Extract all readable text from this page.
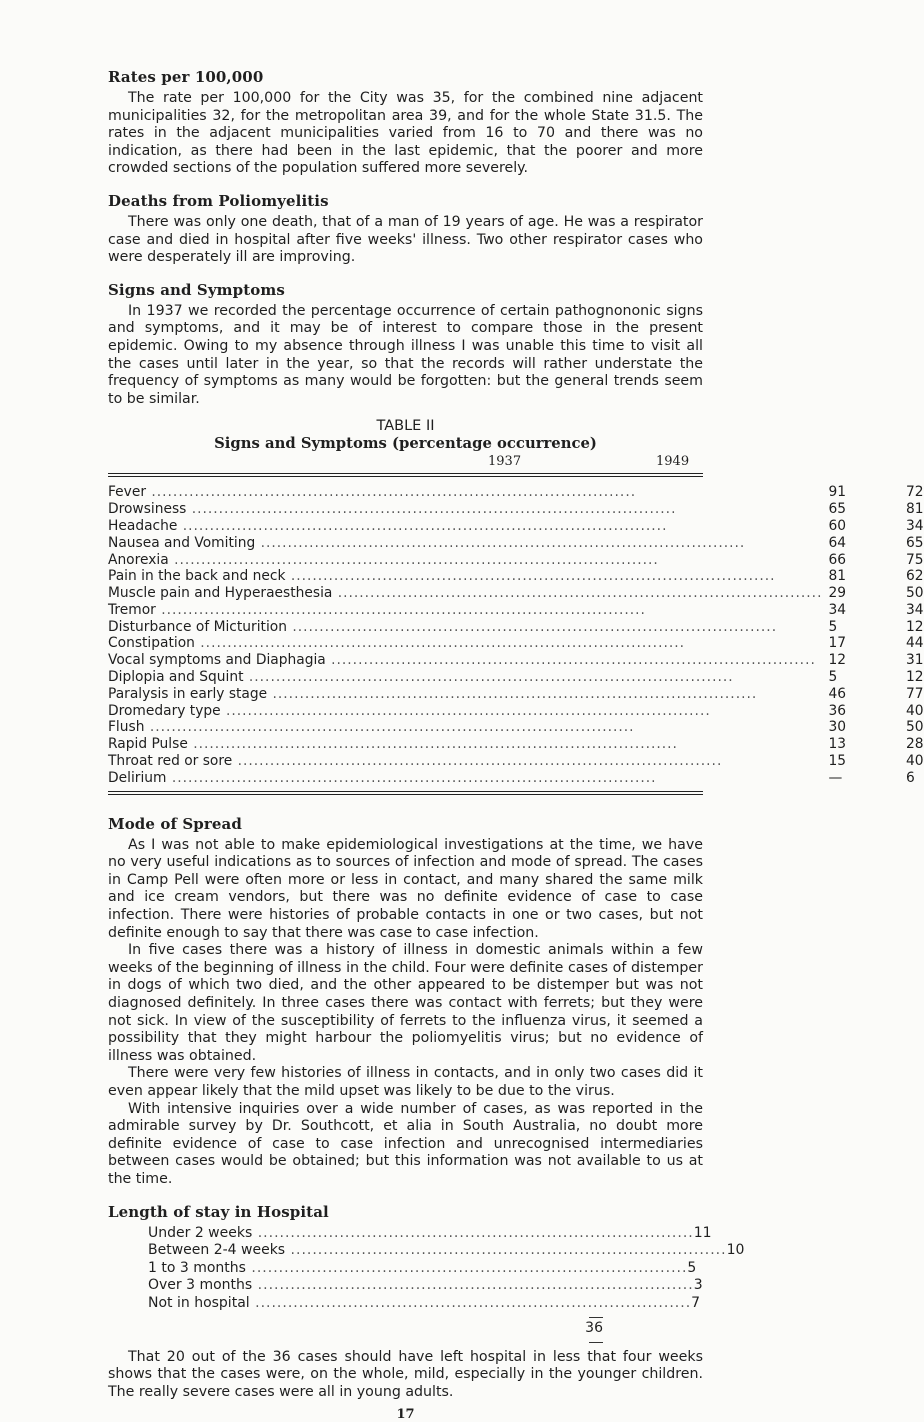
Rates per 100,000

The rate per 100,000 for the City was 35, for the combined nine adjacent municipalities 32, for the metropolitan area 39, and for the whole State 31.5. The rates in the adjacent municipalities varied from 16 to 70 and there was no indication, as there had been in the last epidemic, that the poorer and more crowded sections of the population suffered more severely.

Deaths from Poliomyelitis

There was only one death, that of a man of 19 years of age. He was a respirator case and died in hospital after five weeks' illness. Two other respirator cases who were desperately ill are improving.

Signs and Symptoms

In 1937 we recorded the percentage occurrence of certain pathognononic signs and symptoms, and it may be of interest to compare those in the present epidemic. Owing to my absence through illness I was unable this time to visit all the cases until later in the year, so that the records will rather understate the frequency of symptoms as many would be forgotten: but the general trends seem to be similar.

TABLE II
Signs and Symptoms (percentage occurrence)
1937	1949
Fever ..........................................................................................	91	72
Drowsiness ..........................................................................................	65	81
Headache ..........................................................................................	60	34
Nausea and Vomiting ..........................................................................................	64	65
Anorexia ..........................................................................................	66	75
Pain in the back and neck ..........................................................................................	81	62
Muscle pain and Hyperaesthesia ..........................................................................................	29	50
Tremor ..........................................................................................	34	34
Disturbance of Micturition ..........................................................................................	5	12
Constipation ..........................................................................................	17	44
Vocal symptoms and Diaphagia ..........................................................................................	12	31
Diplopia and Squint ..........................................................................................	5	12
Paralysis in early stage ..........................................................................................	46	77
Dromedary type ..........................................................................................	36	40
Flush ..........................................................................................	30	50
Rapid Pulse ..........................................................................................	13	28
Throat red or sore ..........................................................................................	15	40
Delirium ..........................................................................................	—	6
Mode of Spread

As I was not able to make epidemiological investigations at the time, we have no very useful indications as to sources of infection and mode of spread. The cases in Camp Pell were often more or less in contact, and many shared the same milk and ice cream vendors, but there was no definite evidence of case to case infection. There were histories of probable contacts in one or two cases, but not definite enough to say that there was case to case infection.

In five cases there was a history of illness in domestic animals within a few weeks of the beginning of illness in the child. Four were definite cases of distemper in dogs of which two died, and the other appeared to be distemper but was not diagnosed definitely. In three cases there was contact with ferrets; but they were not sick. In view of the susceptibility of ferrets to the influenza virus, it seemed a possibility that they might harbour the poliomyelitis virus; but no evidence of illness was obtained.

There were very few histories of illness in contacts, and in only two cases did it even appear likely that the mild upset was likely to be due to the virus.

With intensive inquiries over a wide number of cases, as was reported in the admirable survey by Dr. Southcott, et alia in South Australia, no doubt more definite evidence of case to case infection and unrecognised intermediaries between cases would be obtained; but this information was not available to us at the time.

Length of stay in Hospital
Under 2 weeks ................................................................................ 11
Between 2-4 weeks ................................................................................ 10
1 to 3 months ................................................................................ 5
Over 3 months ................................................................................ 3
Not in hospital ................................................................................ 7
36

That 20 out of the 36 cases should have left hospital in less that four weeks shows that the cases were, on the whole, mild, especially in the younger children. The really severe cases were all in young adults.

17
